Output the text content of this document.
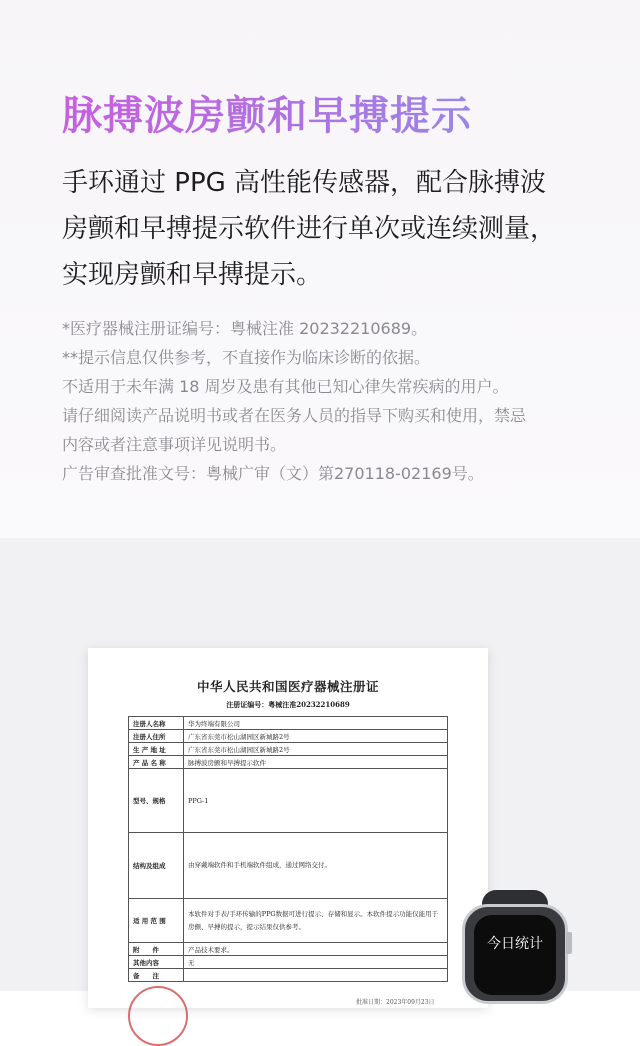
脉搏波房颤和早搏提示
手环通过 PPG 高性能传感器，配合脉搏波
房颤和早搏提示软件进行单次或连续测量，
实现房颤和早搏提示。
*医疗器械注册证编号：粤械注准 20232210689。
**提示信息仅供参考，不直接作为临床诊断的依据。
不适用于未年满 18 周岁及患有其他已知心律失常疾病的用户。
请仔细阅读产品说明书或者在医务人员的指导下购买和使用，禁忌
内容或者注意事项详见说明书。
广告审查批准文号：粤械广审（文）第270118-02169号。
中华人民共和国医疗器械注册证
注册证编号：粤械注准20232210689
注册人名称	华为终端有限公司
注册人住所	广东省东莞市松山湖园区新城路2号
生 产 地 址	广东省东莞市松山湖园区新城路2号
产 品 名 称	脉搏波房颤和早搏提示软件
型号、规格	PPG-1
结构及组成	由穿戴端软件和手机端软件组成，通过网络交付。
适 用 范 围	本软件对手表/手环传输的PPG数据可进行提示、存储和显示。本软件提示功能仅能用于房颤、早搏的提示，提示结果仅供参考。
附　　件	产品技术要求。
其他内容	无
备　　注	
批准日期：2023年09月23日
今日统计
